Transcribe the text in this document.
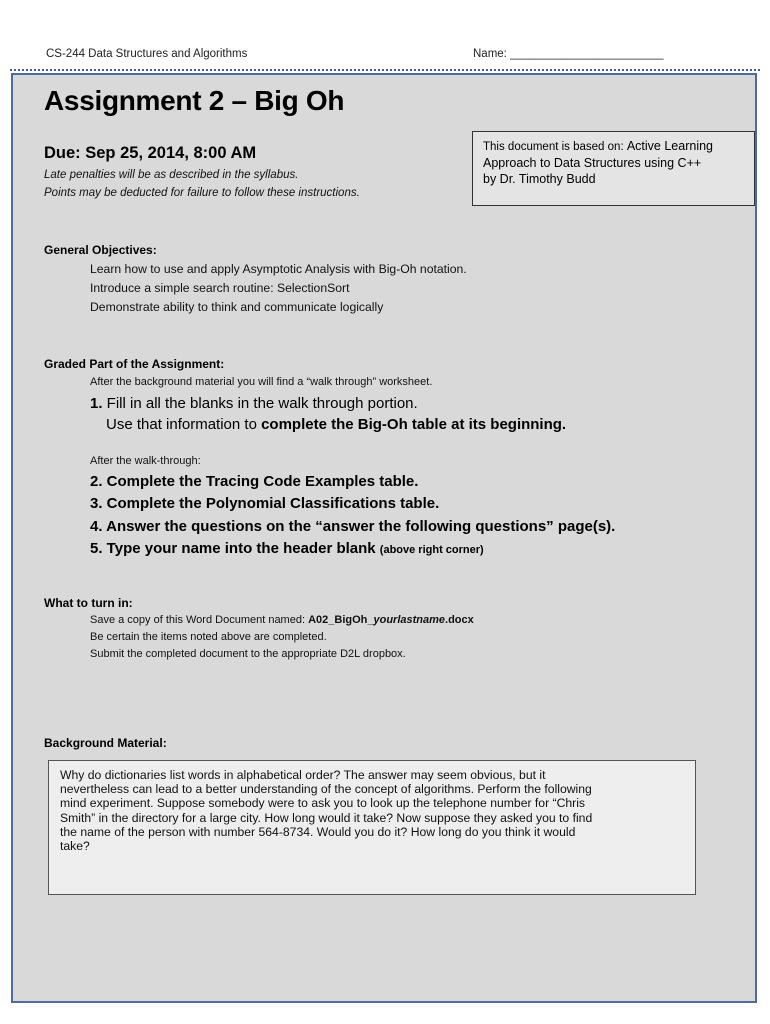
CS-244 Data Structures and Algorithms	Name: ________________________
Assignment 2 – Big Oh
Due: Sep 25, 2014, 8:00 AM
Late penalties will be as described in the syllabus.
Points may be deducted for failure to follow these instructions.
This document is based on: Active Learning
Approach to Data Structures using C++
by Dr. Timothy Budd
General Objectives:
Learn how to use and apply Asymptotic Analysis with Big-Oh notation.
Introduce a simple search routine: SelectionSort
Demonstrate ability to think and communicate logically
Graded Part of the Assignment:
After the background material you will find a “walk through” worksheet.
1. Fill in all the blanks in the walk through portion.
Use that information to complete the Big-Oh table at its beginning.
After the walk-through:
2. Complete the Tracing Code Examples table.
3. Complete the Polynomial Classifications table.
4. Answer the questions on the “answer the following questions” page(s).
5. Type your name into the header blank (above right corner)
What to turn in:
Save a copy of this Word Document named: A02_BigOh_yourlastname.docx
Be certain the items noted above are completed.
Submit the completed document to the appropriate D2L dropbox.
Background Material:
Why do dictionaries list words in alphabetical order? The answer may seem obvious, but it
nevertheless can lead to a better understanding of the concept of algorithms. Perform the following
mind experiment. Suppose somebody were to ask you to look up the telephone number for “Chris
Smith” in the directory for a large city. How long would it take? Now suppose they asked you to find
the name of the person with number 564-8734. Would you do it? How long do you think it would
take?
